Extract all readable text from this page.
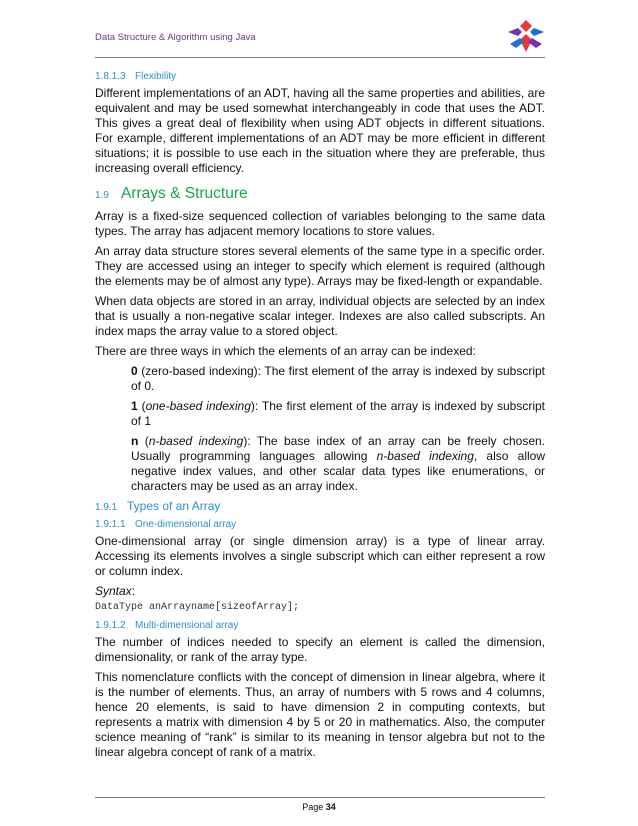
Data Structure & Algorithm using Java
1.8.1.3 Flexibility

Different implementations of an ADT, having all the same properties and abilities, are equivalent and may be used somewhat interchangeably in code that uses the ADT. This gives a great deal of flexibility when using ADT objects in different situations. For example, different implementations of an ADT may be more efficient in different situations; it is possible to use each in the situation where they are preferable, thus increasing overall efficiency.

1.9 Arrays & Structure

Array is a fixed-size sequenced collection of variables belonging to the same data types. The array has adjacent memory locations to store values.

An array data structure stores several elements of the same type in a specific order. They are accessed using an integer to specify which element is required (although the elements may be of almost any type). Arrays may be fixed-length or expandable.

When data objects are stored in an array, individual objects are selected by an index that is usually a non-negative scalar integer. Indexes are also called subscripts. An index maps the array value to a stored object.

There are three ways in which the elements of an array can be indexed:

0 (zero-based indexing): The first element of the array is indexed by subscript of 0.

1 (one-based indexing): The first element of the array is indexed by subscript of 1

n (n-based indexing): The base index of an array can be freely chosen. Usually programming languages allowing n-based indexing, also allow negative index values, and other scalar data types like enumerations, or characters may be used as an array index.

1.9.1 Types of an Array
1.9.1.1 One-dimensional array

One-dimensional array (or single dimension array) is a type of linear array. Accessing its elements involves a single subscript which can either represent a row or column index.

Syntax:

DataType anArrayname[sizeofArray];
1.9.1.2 Multi-dimensional array

The number of indices needed to specify an element is called the dimension, dimensionality, or rank of the array type.

This nomenclature conflicts with the concept of dimension in linear algebra, where it is the number of elements. Thus, an array of numbers with 5 rows and 4 columns, hence 20 elements, is said to have dimension 2 in computing contexts, but represents a matrix with dimension 4 by 5 or 20 in mathematics. Also, the computer science meaning of “rank” is similar to its meaning in tensor algebra but not to the linear algebra concept of rank of a matrix.

Page 34
